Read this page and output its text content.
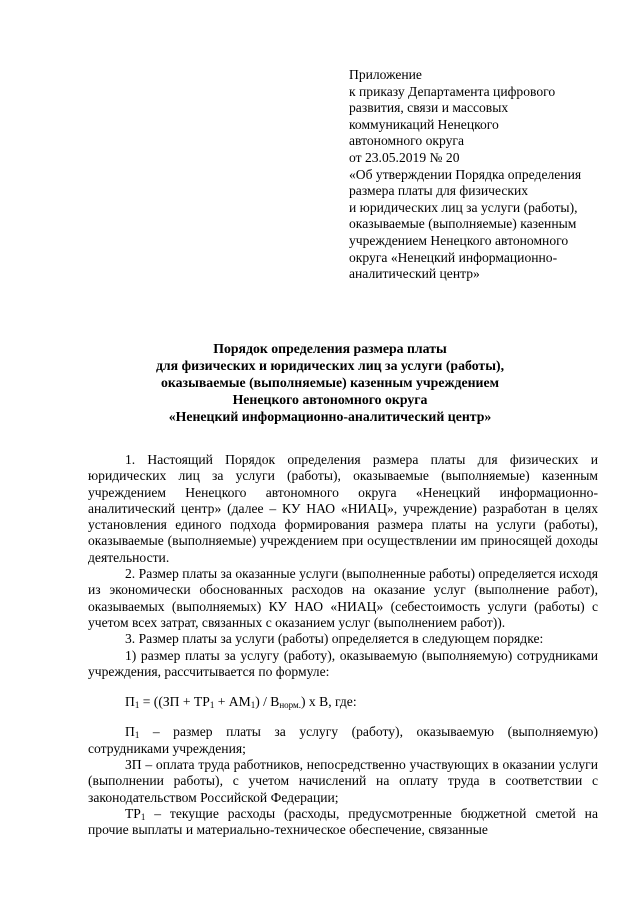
Приложение
к приказу Департамента цифрового
развития, связи и массовых
коммуникаций Ненецкого
автономного округа
от 23.05.2019 № 20
«Об утверждении Порядка определения
размера платы для физических
и юридических лиц за услуги (работы),
оказываемые (выполняемые) казенным
учреждением Ненецкого автономного
округа «Ненецкий информационно-
аналитический центр»
Порядок определения размера платы
для физических и юридических лиц за услуги (работы),
оказываемые (выполняемые) казенным учреждением
Ненецкого автономного округа
«Ненецкий информационно-аналитический центр»

1. Настоящий Порядок определения размера платы для физических и юридических лиц за услуги (работы), оказываемые (выполняемые) казенным учреждением Ненецкого автономного округа «Ненецкий информационно-аналитический центр» (далее – КУ НАО «НИАЦ», учреждение) разработан в целях установления единого подхода формирования размера платы на услуги (работы), оказываемые (выполняемые) учреждением при осуществлении им приносящей доходы деятельности.

2. Размер платы за оказанные услуги (выполненные работы) определяется исходя из экономически обоснованных расходов на оказание услуг (выполнение работ), оказываемых (выполняемых) КУ НАО «НИАЦ» (себестоимость услуги (работы) с учетом всех затрат, связанных с оказанием услуг (выполнением работ)).

3. Размер платы за услуги (работы) определяется в следующем порядке:

1) размер платы за услугу (работу), оказываемую (выполняемую) сотрудниками учреждения, рассчитывается по формуле:

$П_1 = ((ЗП + ТР_1 + АМ_1) / В_{норм.})$ х В, где:

$П_1$ – размер платы за услугу (работу), оказываемую (выполняемую) сотрудниками учреждения;

ЗП – оплата труда работников, непосредственно участвующих в оказании услуги (выполнении работы), с учетом начислений на оплату труда в соответствии с законодательством Российской Федерации;

$ТР_1$ – текущие расходы (расходы, предусмотренные бюджетной сметой на прочие выплаты и материально-техническое обеспечение, связанные
